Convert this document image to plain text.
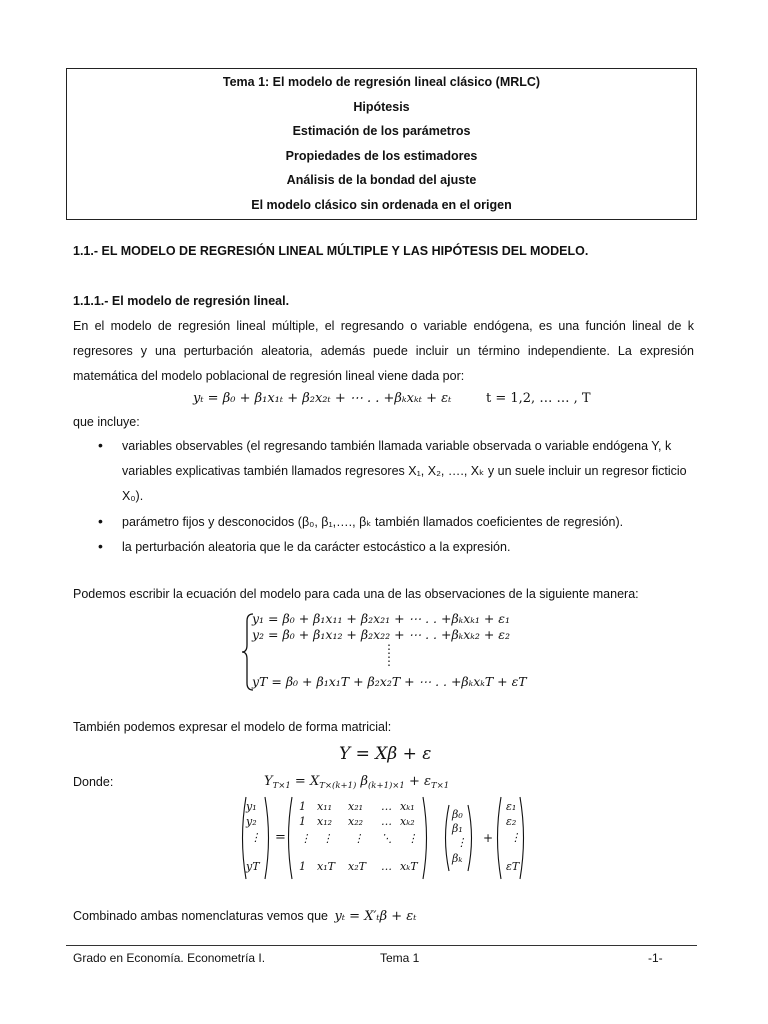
Tema 1: El modelo de regresión lineal clásico (MRLC)
Hipótesis
Estimación de los parámetros
Propiedades de los estimadores
Análisis de la bondad del ajuste
El modelo clásico sin ordenada en el origen
1.1.- EL MODELO DE REGRESIÓN LINEAL MÚLTIPLE Y LAS HIPÓTESIS DEL MODELO.
1.1.1.- El modelo de regresión lineal.
En el modelo de regresión lineal múltiple, el regresando o variable endógena, es una función lineal de k
regresores y una perturbación aleatoria, además puede incluir un término independiente. La expresión
matemática del modelo poblacional de regresión lineal viene dada por:
yₜ = β₀ + β₁x₁ₜ + β₂x₂ₜ + ⋯ . . +βₖxₖₜ + εₜ	t = 1,2, … … , T
que incluye:
•	variables observables (el regresando también llamada variable observada o variable endógena Y, k
variables explicativas también llamados regresores X₁, X₂, …., Xₖ y un suele incluir un regresor ficticio
X₀).
•	parámetro fijos y desconocidos (β₀, β₁,…., βₖ también llamados coeficientes de regresión).
•	la perturbación aleatoria que le da carácter estocástico a la expresión.
Podemos escribir la ecuación del modelo para cada una de las observaciones de la siguiente manera:
y₁ = β₀ + β₁x₁₁ + β₂x₂₁ + ⋯ . . +βₖxₖ₁ + ε₁
y₂ = β₀ + β₁x₁₂ + β₂x₂₂ + ⋯ . . +βₖxₖ₂ + ε₂
⋮
⋮
yT = β₀ + β₁x₁T + β₂x₂T + ⋯ . . +βₖxₖT + εT
También podemos expresar el modelo de forma matricial:
Y = Xβ + ε
Donde:	$Y_{T\times 1} = X_{T\times(k+1)}$ $\beta_{(k+1)\times 1} + \varepsilon_{T\times 1}$
y₁
y₂
⋮
yT
=
1 x₁₁ x₂₁ … xₖ₁
1 x₁₂ x₂₂ … xₖ₂
⋮ ⋮ ⋮ ⋱ ⋮
1 x₁T x₂T … xₖT
β₀
β₁
⋮
βₖ
+
ε₁
ε₂
⋮
εT
Combinado ambas nomenclaturas vemos que yₜ = X′ₜβ + εₜ
Grado en Economía. Econometría I.	Tema 1	-1-
